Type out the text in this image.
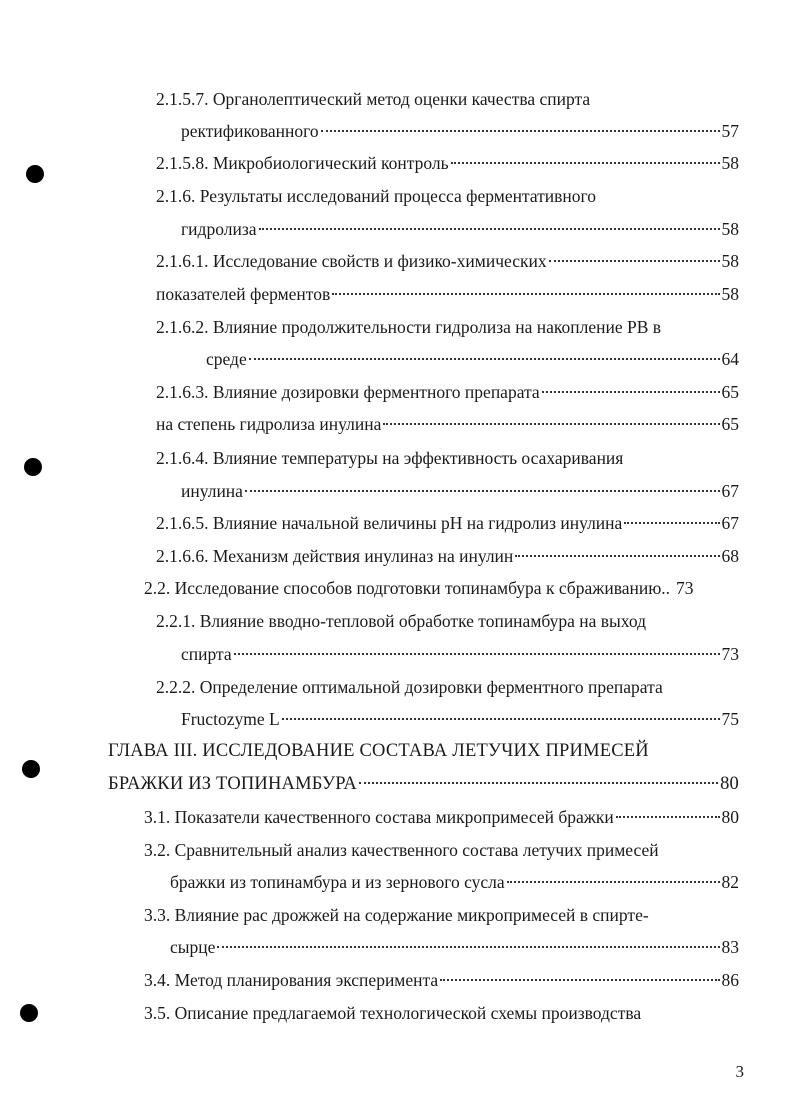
2.1.5.7. Органолептический метод оценки качества спирта
ректификованного	57
2.1.5.8. Микробиологический контроль	58
2.1.6. Результаты исследований процесса ферментативного
гидролиза	58
2.1.6.1. Исследование свойств и физико-химических	58
показателей ферментов	58
2.1.6.2. Влияние продолжительности гидролиза на накопление РВ в
среде	64
2.1.6.3. Влияние дозировки ферментного препарата	65
на степень гидролиза инулина	65
2.1.6.4. Влияние температуры на эффективность осахаривания
инулина	67
2.1.6.5. Влияние начальной величины рН на гидролиз инулина	67
2.1.6.6. Механизм действия инулиназ на инулин	68
2.2. Исследование способов подготовки топинамбура к сбраживанию.. 73
2.2.1. Влияние вводно-тепловой обработке топинамбура на выход
спирта	73
2.2.2. Определение оптимальной дозировки ферментного препарата
Fructozyme L	75
ГЛАВА III. ИССЛЕДОВАНИЕ СОСТАВА ЛЕТУЧИХ ПРИМЕСЕЙ
БРАЖКИ ИЗ ТОПИНАМБУРА	80
3.1. Показатели качественного состава микропримесей бражки	80
3.2. Сравнительный анализ качественного состава летучих примесей
бражки из топинамбура и из зернового сусла	82
3.3. Влияние рас дрожжей на содержание микропримесей в спирте-
сырце	83
3.4. Метод планирования эксперимента	86
3.5. Описание предлагаемой технологической схемы производства
3
